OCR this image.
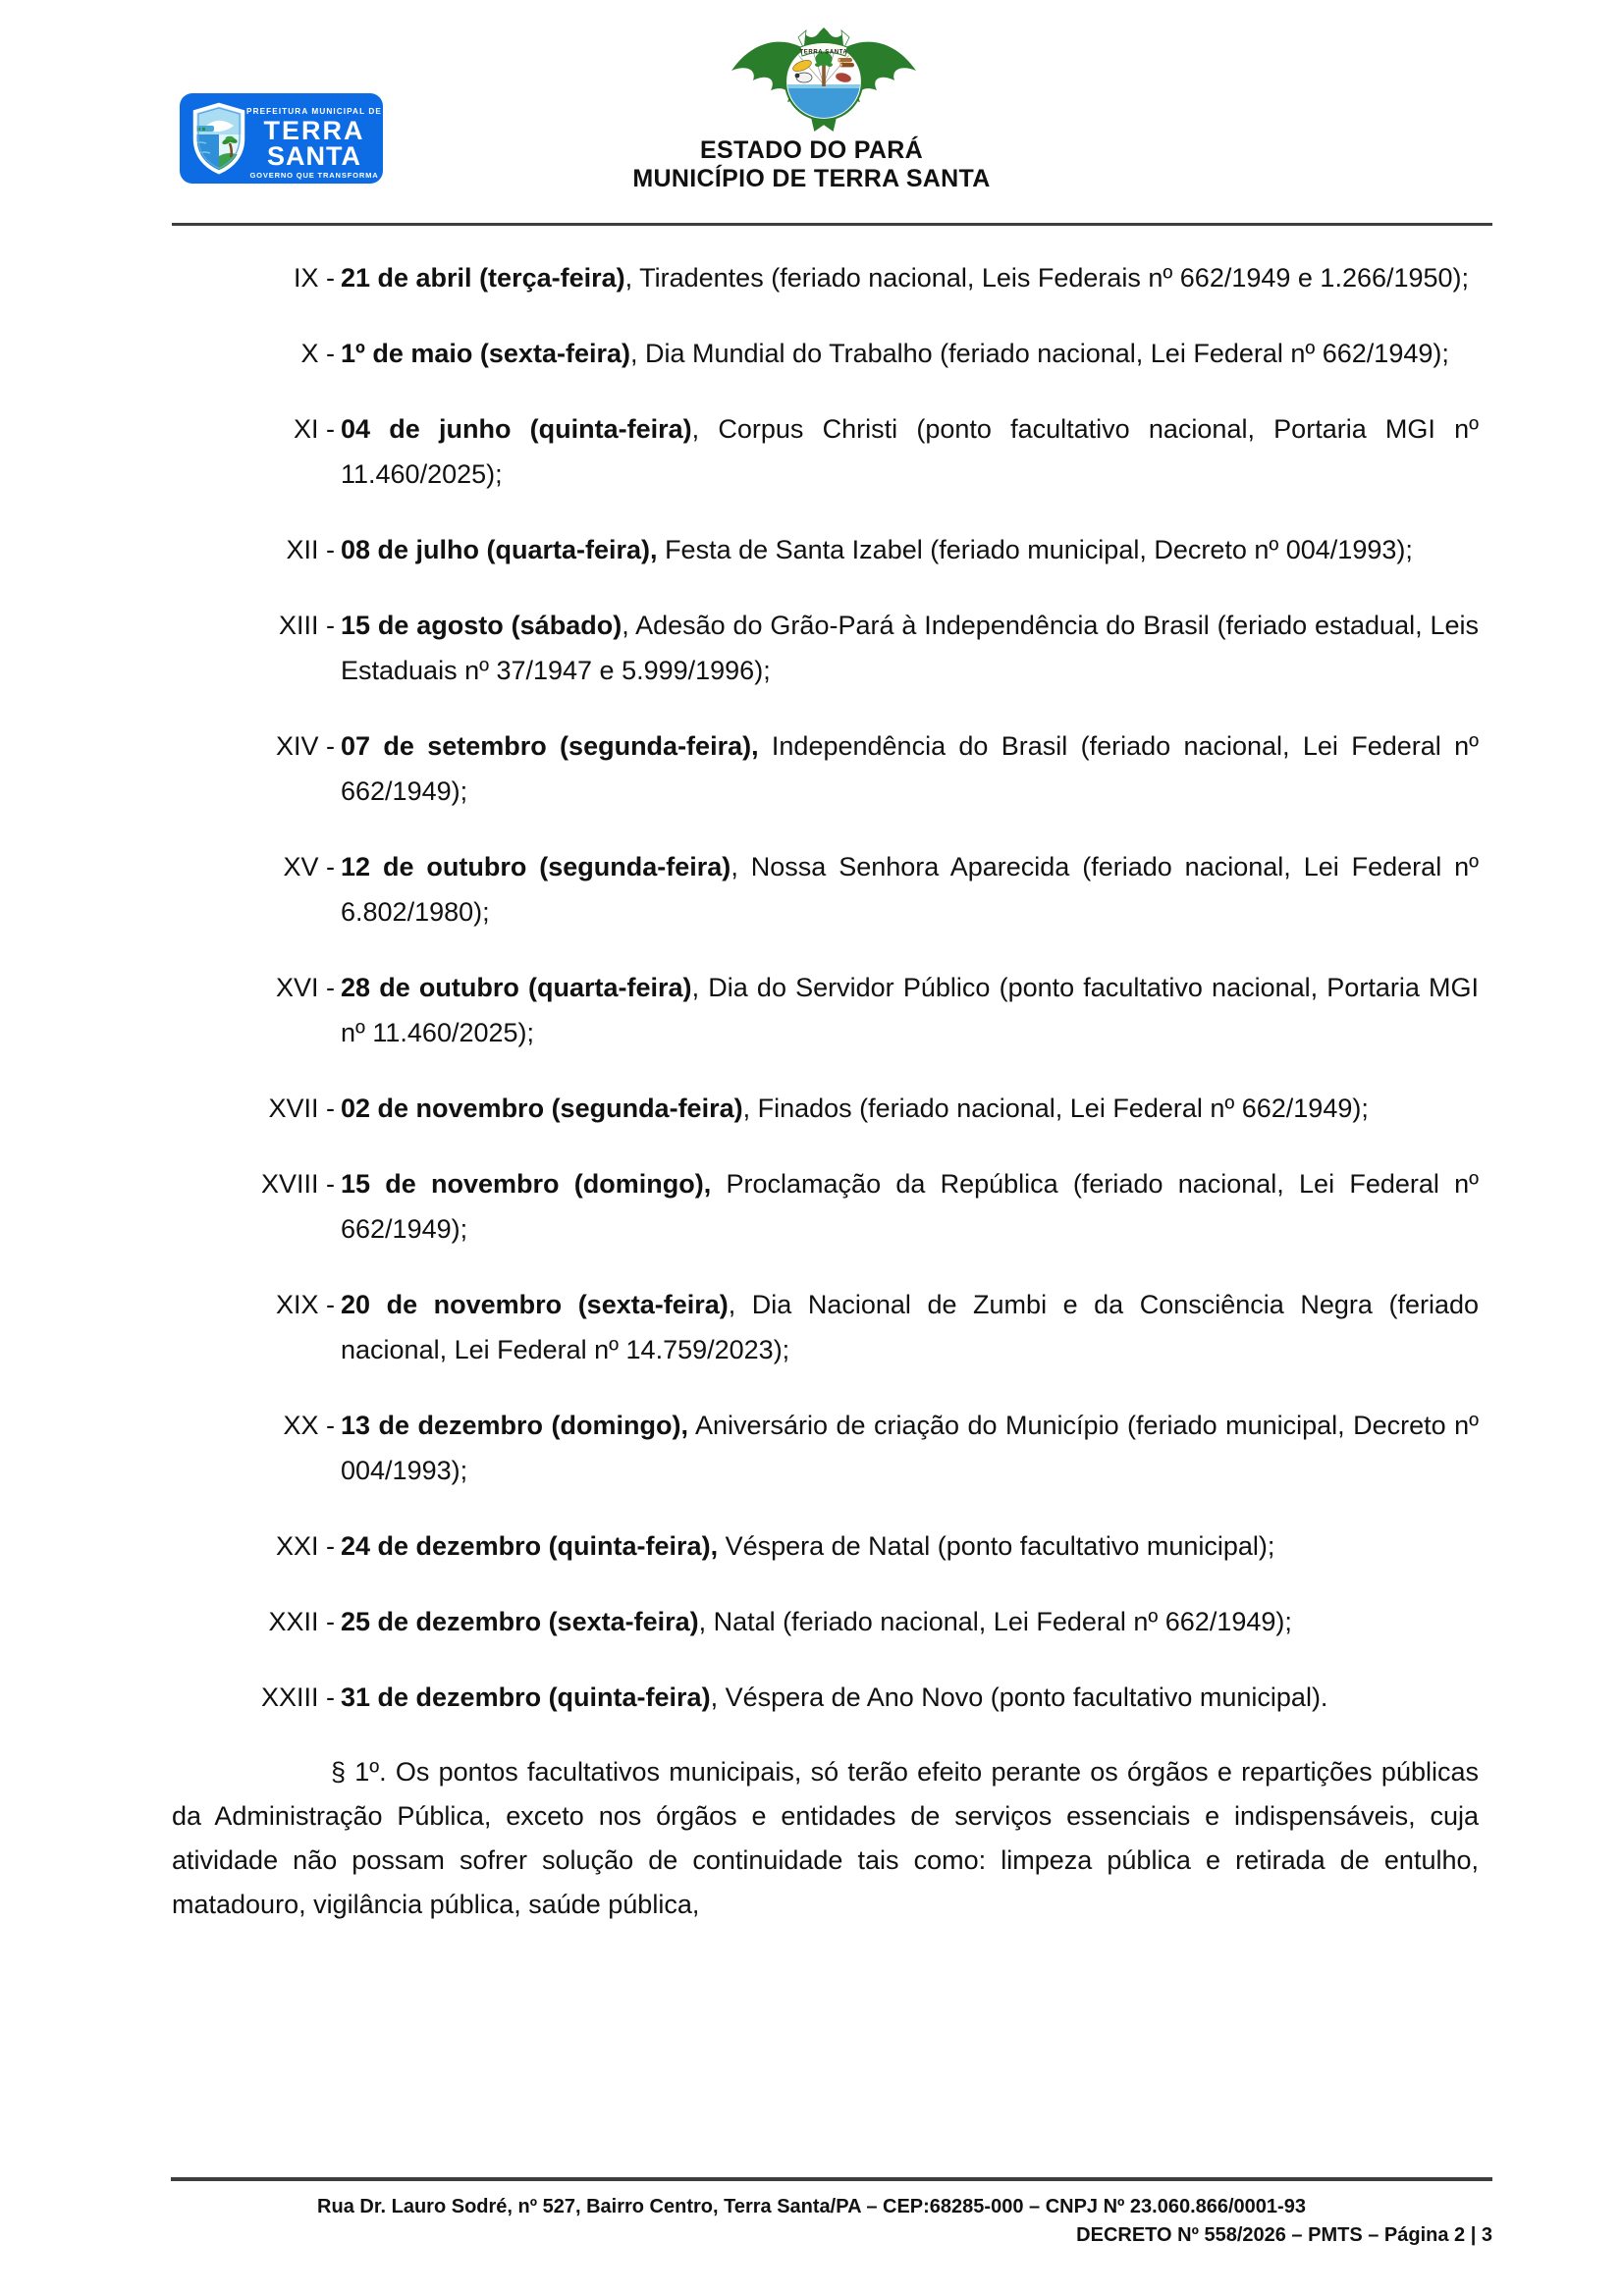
PREFEITURA MUNICIPAL DE
TERRA
SANTA
GOVERNO QUE TRANSFORMA
TERRA SANTA
ESTADO DO PARÁ
MUNICÍPIO DE TERRA SANTA
IX - 21 de abril (terça-feira), Tiradentes (feriado nacional, Leis Federais nº 662/1949 e 1.266/1950);
X - 1º de maio (sexta-feira), Dia Mundial do Trabalho (feriado nacional, Lei Federal nº 662/1949);
XI - 04 de junho (quinta-feira), Corpus Christi (ponto facultativo nacional, Portaria MGI nº 11.460/2025);
XII - 08 de julho (quarta-feira), Festa de Santa Izabel (feriado municipal, Decreto nº 004/1993);
XIII - 15 de agosto (sábado), Adesão do Grão-Pará à Independência do Brasil (feriado estadual, Leis Estaduais nº 37/1947 e 5.999/1996);
XIV - 07 de setembro (segunda-feira), Independência do Brasil (feriado nacional, Lei Federal nº 662/1949);
XV - 12 de outubro (segunda-feira), Nossa Senhora Aparecida (feriado nacional, Lei Federal nº 6.802/1980);
XVI - 28 de outubro (quarta-feira), Dia do Servidor Público (ponto facultativo nacional, Portaria MGI nº 11.460/2025);
XVII - 02 de novembro (segunda-feira), Finados (feriado nacional, Lei Federal nº 662/1949);
XVIII - 15 de novembro (domingo), Proclamação da República (feriado nacional, Lei Federal nº 662/1949);
XIX - 20 de novembro (sexta-feira), Dia Nacional de Zumbi e da Consciência Negra (feriado nacional, Lei Federal nº 14.759/2023);
XX - 13 de dezembro (domingo), Aniversário de criação do Município (feriado municipal, Decreto nº 004/1993);
XXI - 24 de dezembro (quinta-feira), Véspera de Natal (ponto facultativo municipal);
XXII - 25 de dezembro (sexta-feira), Natal (feriado nacional, Lei Federal nº 662/1949);
XXIII - 31 de dezembro (quinta-feira), Véspera de Ano Novo (ponto facultativo municipal).

§ 1º. Os pontos facultativos municipais, só terão efeito perante os órgãos e repartições públicas da Administração Pública, exceto nos órgãos e entidades de serviços essenciais e indispensáveis, cuja atividade não possam sofrer solução de continuidade tais como: limpeza pública e retirada de entulho, matadouro, vigilância pública, saúde pública,

Rua Dr. Lauro Sodré, nº 527, Bairro Centro, Terra Santa/PA – CEP:68285-000 – CNPJ Nº 23.060.866/0001-93
DECRETO Nº 558/2026 – PMTS – Página 2 | 3
